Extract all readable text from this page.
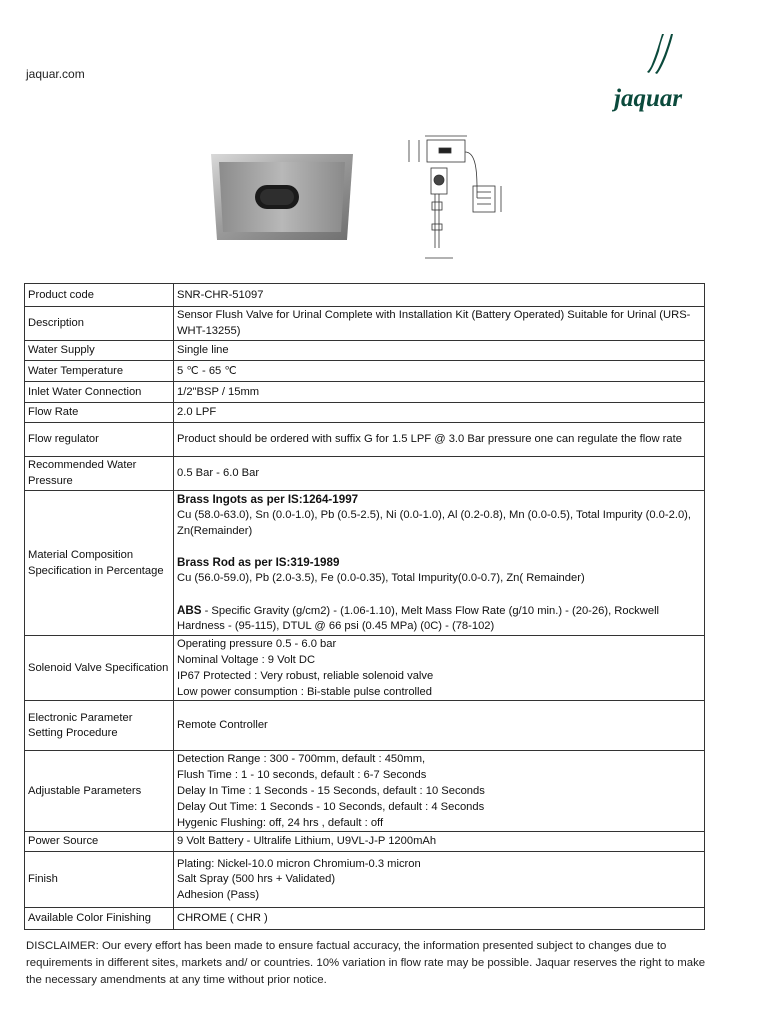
jaquar.com
jaquar
Product code	SNR-CHR-51097
Description	Sensor Flush Valve for Urinal Complete with Installation Kit (Battery Operated) Suitable for Urinal (URS-WHT-13255)
Water Supply	Single line
Water Temperature	5 ℃ - 65 ℃
Inlet Water Connection	1/2"BSP / 15mm
Flow Rate	2.0 LPF
Flow regulator	Product should be ordered with suffix G for 1.5 LPF @ 3.0 Bar pressure one can regulate the flow rate
Recommended Water Pressure	0.5 Bar - 6.0 Bar
Material Composition Specification in Percentage	Brass Ingots as per IS:1264-1997
Cu (58.0-63.0), Sn (0.0-1.0), Pb (0.5-2.5), Ni (0.0-1.0), Al (0.2-0.8), Mn (0.0-0.5), Total Impurity (0.0-2.0), Zn(Remainder)
Brass Rod as per IS:319-1989
Cu (56.0-59.0), Pb (2.0-3.5), Fe (0.0-0.35), Total Impurity(0.0-0.7), Zn( Remainder)
ABS - Specific Gravity (g/cm2) - (1.06-1.10), Melt Mass Flow Rate (g/10 min.) - (20-26), Rockwell Hardness - (95-115), DTUL @ 66 psi (0.45 MPa) (0C) - (78-102)

Solenoid Valve Specification	Operating pressure 0.5 - 6.0 bar
Nominal Voltage : 9 Volt DC
IP67 Protected : Very robust, reliable solenoid valve
Low power consumption : Bi-stable pulse controlled

Electronic Parameter Setting Procedure	Remote Controller
Adjustable Parameters	Detection Range : 300 - 700mm, default : 450mm,
Flush Time : 1 - 10 seconds, default : 6-7 Seconds
Delay In Time : 1 Seconds - 15 Seconds, default : 10 Seconds
Delay Out Time: 1 Seconds - 10 Seconds, default : 4 Seconds
Hygenic Flushing: off, 24 hrs , default : off

Power Source	9 Volt Battery - Ultralife Lithium, U9VL-J-P 1200mAh
Finish	Plating: Nickel-10.0 micron Chromium-0.3 micron
Salt Spray (500 hrs + Validated)
Adhesion (Pass)

Available Color Finishing	CHROME ( CHR )
DISCLAIMER: Our every effort has been made to ensure factual accuracy, the information presented subject to changes due to requirements in different sites, markets and/ or countries. 10% variation in flow rate may be possible. Jaquar reserves the right to make the necessary amendments at any time without prior notice.
